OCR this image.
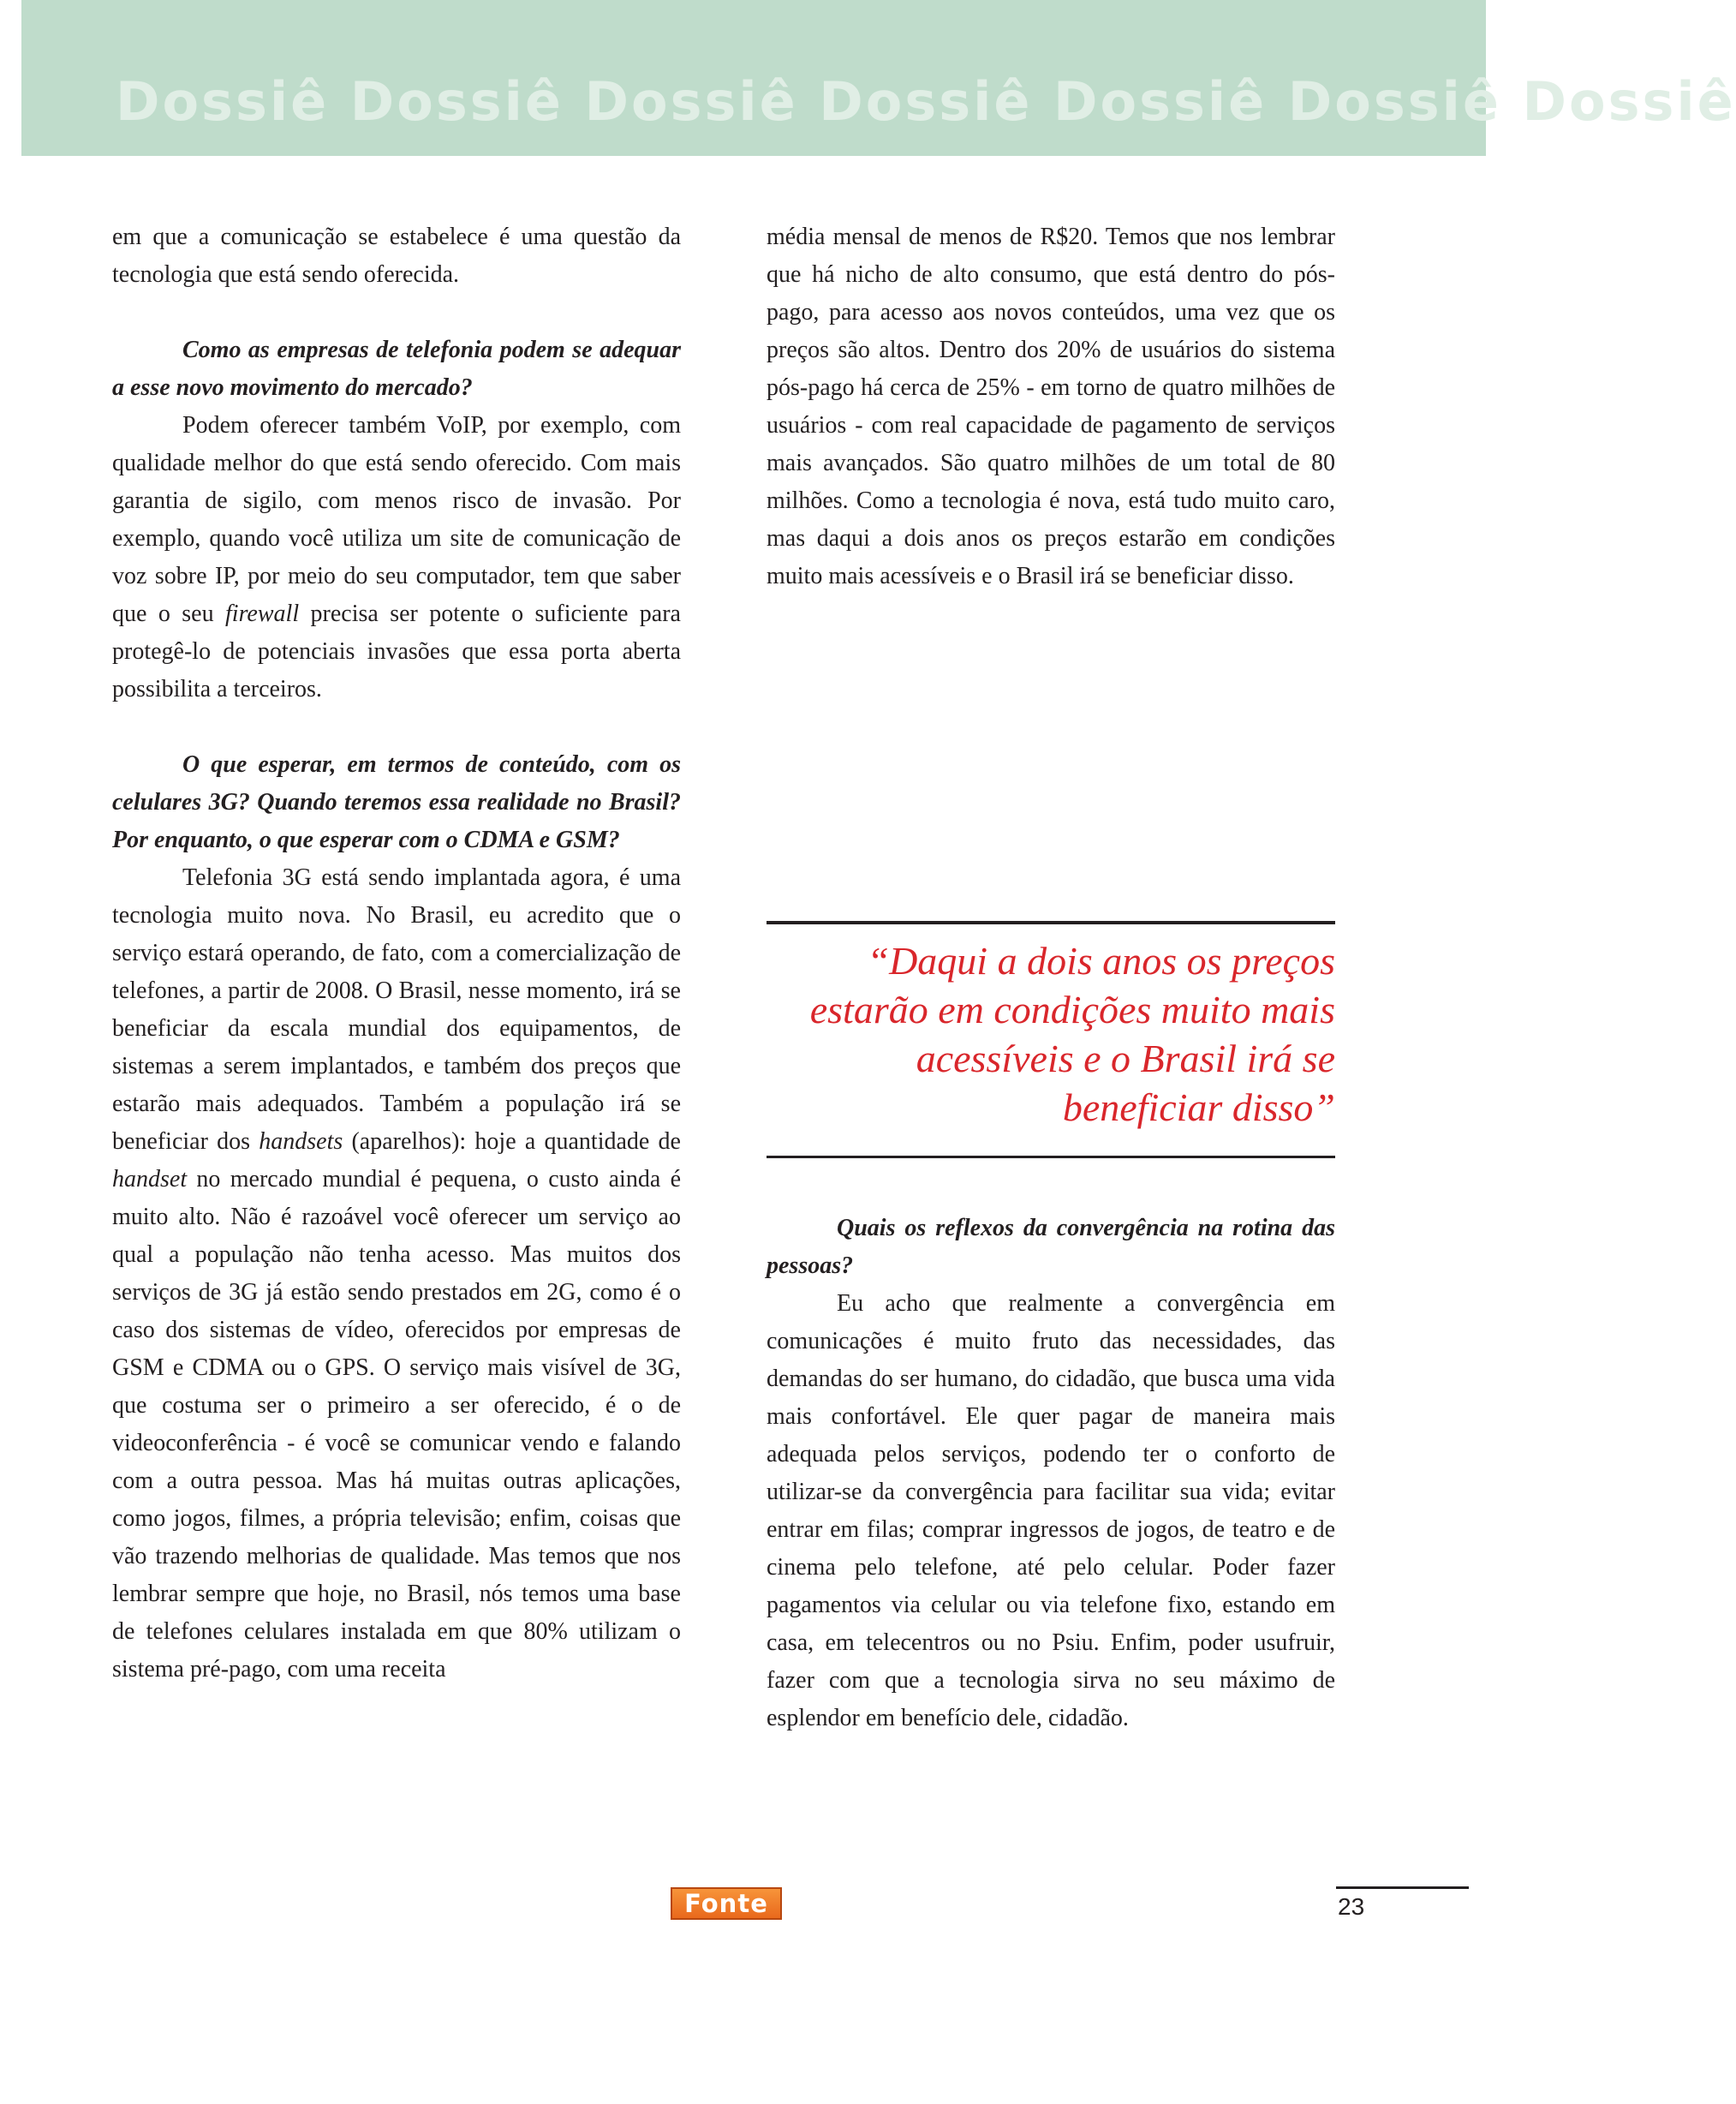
Dossiê Dossiê Dossiê Dossiê Dossiê Dossiê Dossiê

em que a comunicação se estabelece é uma questão da tecnologia que está sendo oferecida.

Como as empresas de telefonia podem se adequar a esse novo movimento do mercado?

Podem oferecer também VoIP, por exemplo, com qualidade melhor do que está sendo oferecido. Com mais garantia de sigilo, com menos risco de invasão. Por exemplo, quando você utiliza um site de comunicação de voz sobre IP, por meio do seu computador, tem que saber que o seu firewall precisa ser potente o suficiente para protegê-lo de potenciais invasões que essa porta aberta possibilita a terceiros.

O que esperar, em termos de conteúdo, com os celulares 3G? Quando teremos essa realidade no Brasil? Por enquanto, o que esperar com o CDMA e GSM?

Telefonia 3G está sendo implantada agora, é uma tecnologia muito nova. No Brasil, eu acredito que o serviço estará operando, de fato, com a comercialização de telefones, a partir de 2008. O Brasil, nesse momento, irá se beneficiar da escala mundial dos equipamentos, de sistemas a serem implantados, e também dos preços que estarão mais adequados. Também a população irá se beneficiar dos handsets (aparelhos): hoje a quantidade de handset no mercado mundial é pequena, o custo ainda é muito alto. Não é razoável você oferecer um serviço ao qual a população não tenha acesso. Mas muitos dos serviços de 3G já estão sendo prestados em 2G, como é o caso dos sistemas de vídeo, oferecidos por empresas de GSM e CDMA ou o GPS. O serviço mais visível de 3G, que costuma ser o primeiro a ser oferecido, é o de videoconferência - é você se comunicar vendo e falando com a outra pessoa. Mas há muitas outras aplicações, como jogos, filmes, a própria televisão; enfim, coisas que vão trazendo melhorias de qualidade. Mas temos que nos lembrar sempre que hoje, no Brasil, nós temos uma base de telefones celulares instalada em que 80% utilizam o sistema pré-pago, com uma receita

média mensal de menos de R$20. Temos que nos lembrar que há nicho de alto consumo, que está dentro do pós-pago, para acesso aos novos conteúdos, uma vez que os preços são altos. Dentro dos 20% de usuários do sistema pós-pago há cerca de 25% - em torno de quatro milhões de usuários - com real capacidade de pagamento de serviços mais avançados. São quatro milhões de um total de 80 milhões. Como a tecnologia é nova, está tudo muito caro, mas daqui a dois anos os preços estarão em condições muito mais acessíveis e o Brasil irá se beneficiar disso.

“Daqui a dois anos os preços estarão em condições muito mais acessíveis e o Brasil irá se beneficiar disso”

Quais os reflexos da convergência na rotina das pessoas?

Eu acho que realmente a convergência em comunicações é muito fruto das necessidades, das demandas do ser humano, do cidadão, que busca uma vida mais confortável. Ele quer pagar de maneira mais adequada pelos serviços, podendo ter o conforto de utilizar-se da convergência para facilitar sua vida; evitar entrar em filas; comprar ingressos de jogos, de teatro e de cinema pelo telefone, até pelo celular. Poder fazer pagamentos via celular ou via telefone fixo, estando em casa, em telecentros ou no Psiu. Enfim, poder usufruir, fazer com que a tecnologia sirva no seu máximo de esplendor em benefício dele, cidadão.

Fonte	23
